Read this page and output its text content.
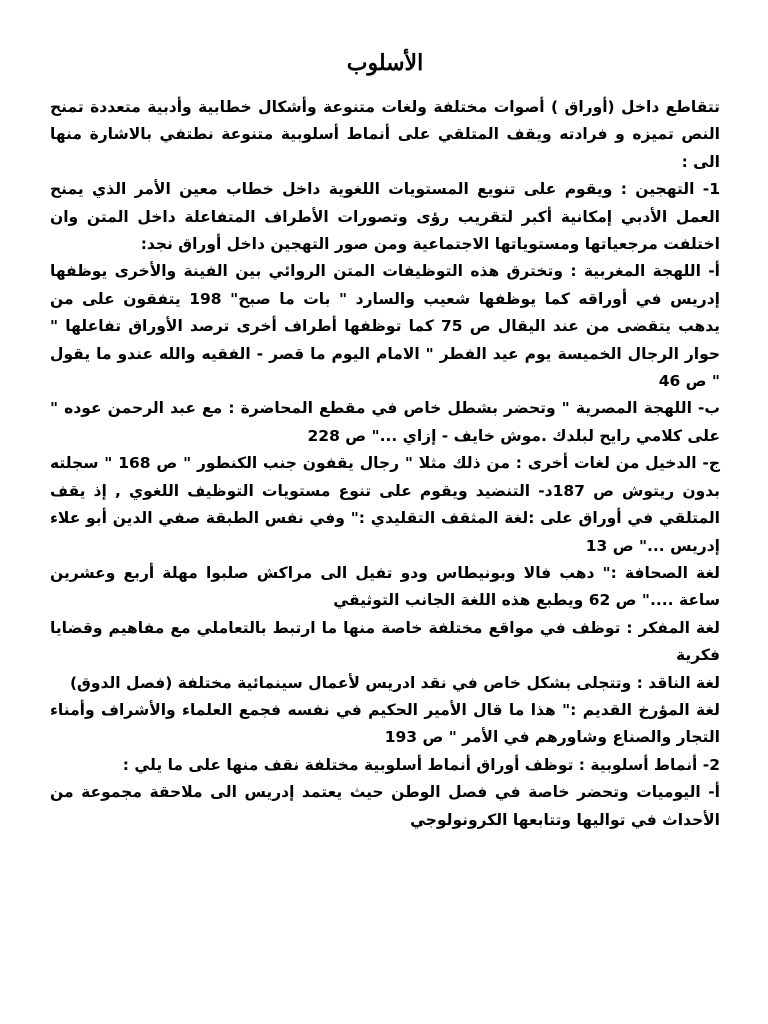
الأسلوب

تتقاطع داخل (أوراق ) أصوات مختلفة ولغات متنوعة وأشكال خطابية وأدبية متعددة تمنح النص تميزه و فرادته ويقف المتلقي على أنماط أسلوبية متنوعة نطتفي بالاشارة منها الى :

1- التهجين : ويقوم على تنويع المستويات اللغوية داخل خطاب معين الأمر الذي يمنح العمل الأدبي إمكانية أكبر لتقريب رؤى وتصورات الأطراف المتفاعلة داخل المتن وان اختلفت مرجعياتها ومستوياتها الاجتماعية ومن صور التهجين داخل أوراق نجد:

أ- اللهجة المغربية : وتخترق هذه التوظيفات المتن الروائي بين الفينة والأخرى يوظفها إدريس في أوراقه كما يوظفها شعيب والسارد " بات ما صبح" 198 يتفقون على من يدهب يتقضى من عند اليقال ص 75 كما توظفها أطراف أخرى ترصد الأوراق تفاعلها " حوار الرجال الخميسة يوم عيد الفطر " الامام اليوم ما قصر - الفقيه والله عندو ما يقول " ص 46

ب- اللهجة المصرية " وتحضر بشطل خاص في مقطع المحاضرة : مع عبد الرحمن عوده " على كلامي رايح لبلدك .موش خايف - إزاي ..." ص 228

ج- الدخيل من لغات أخرى : من ذلك مثلا " رجال يقفون جنب الكنطور " ص 168 " سجلته بدون ريتوش ص 187د- التنضيد ويقوم على تنوع مستويات التوظيف اللغوي , إذ يقف المتلقي في أوراق على :لغة المثقف التقليدي :" وفي نفس الطبقة صفي الدين أبو علاء إدريس ..." ص 13

لغة الصحافة :" دهب فالا وبونيطاس ودو تفيل الى مراكش صلبوا مهلة أربع وعشرين ساعة ...." ص 62 ويطبع هذه اللغة الجانب التوثيقي

لغة المفكر : توظف في مواقع مختلفة خاصة منها ما ارتبط بالتعاملي مع مفاهيم وقضايا فكرية

لغة الناقد : وتتجلى بشكل خاص في نقد ادريس لأعمال سينمائية مختلفة (فصل الدوق)

لغة المؤرخ القديم :" هذا ما قال الأمير الحكيم في نفسه فجمع العلماء والأشراف وأمناء التجار والصناع وشاورهم في الأمر " ص 193

2- أنماط أسلوبية : توظف أوراق أنماط أسلوبية مختلفة نقف منها على ما يلي :

أ- اليوميات وتحضر خاصة في فصل الوطن حيث يعتمد إدريس الى ملاحقة مجموعة من الأحداث في تواليها وتتابعها الكرونولوجي
